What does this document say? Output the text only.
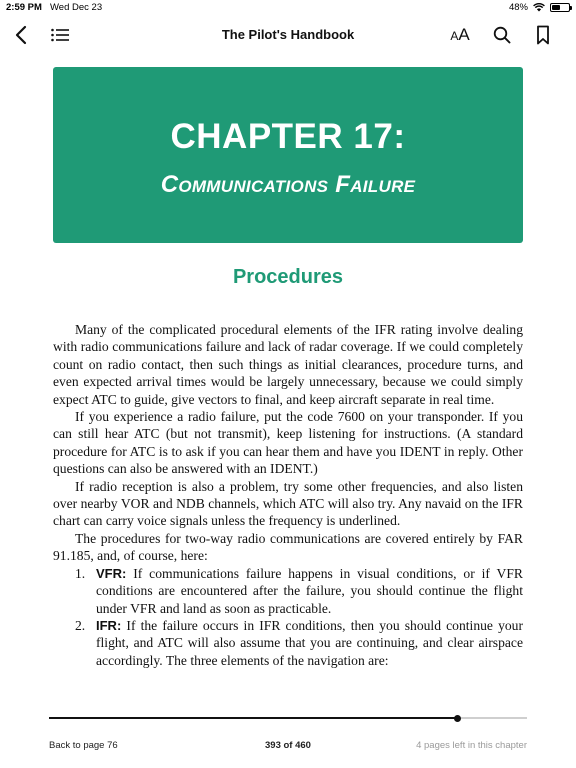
2:59 PM Wed Dec 23	48%
The Pilot's Handbook	AA
CHAPTER 17:
Communications Failure
Procedures

Many of the complicated procedural elements of the IFR rating involve dealing with radio communications failure and lack of radar coverage. If we could completely count on radio contact, then such things as initial clearances, procedure turns, and even expected arrival times would be largely unnecessary, because we could simply expect ATC to guide, give vectors to final, and keep aircraft separate in real time.

If you experience a radio failure, put the code 7600 on your transponder. If you can still hear ATC (but not transmit), keep listening for instructions. (A standard procedure for ATC is to ask if you can hear them and have you IDENT in reply. Other questions can also be answered with an IDENT.)

If radio reception is also a problem, try some other frequencies, and also listen over nearby VOR and NDB channels, which ATC will also try. Any navaid on the IFR chart can carry voice signals unless the frequency is underlined.

The procedures for two-way radio communications are covered entirely by FAR 91.185, and, of course, here:

1. VFR: If communications failure happens in visual conditions, or if VFR conditions are encountered after the failure, you should continue the flight under VFR and land as soon as practicable.
2. IFR: If the failure occurs in IFR conditions, then you should continue your flight, and ATC will also assume that you are continuing, and clear airspace accordingly. The three elements of the navigation are:
Back to page 76	393 of 460	4 pages left in this chapter
